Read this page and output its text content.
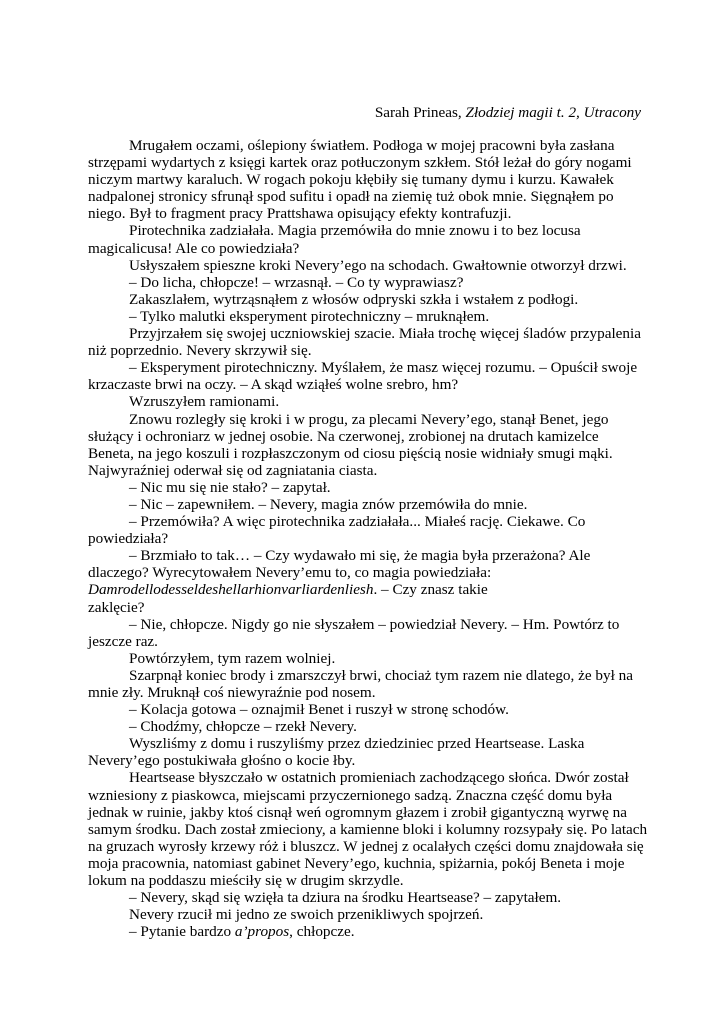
Sarah Prineas, Złodziej magii t. 2, Utracony

Mrugałem oczami, oślepiony światłem. Podłoga w mojej pracowni była zasłana strzępami wydartych z księgi kartek oraz potłuczonym szkłem. Stół leżał do góry nogami niczym martwy karaluch. W rogach pokoju kłębiły się tumany dymu i kurzu. Kawałek nadpalonej stronicy sfrunął spod sufitu i opadł na ziemię tuż obok mnie. Sięgnąłem po niego. Był to fragment pracy Prattshawa opisujący efekty kontrafuzji.

Pirotechnika zadziałała. Magia przemówiła do mnie znowu i to bez locusa magicalicusa! Ale co powiedziała?

Usłyszałem spieszne kroki Nevery’ego na schodach. Gwałtownie otworzył drzwi.

– Do licha, chłopcze! – wrzasnął. – Co ty wyprawiasz?

Zakaszlałem, wytrząsnąłem z włosów odpryski szkła i wstałem z podłogi.

– Tylko malutki eksperyment pirotechniczny – mruknąłem.

Przyjrzałem się swojej uczniowskiej szacie. Miała trochę więcej śladów przypalenia niż poprzednio. Nevery skrzywił się.

– Eksperyment pirotechniczny. Myślałem, że masz więcej rozumu. – Opuścił swoje krzaczaste brwi na oczy. – A skąd wziąłeś wolne srebro, hm?

Wzruszyłem ramionami.

Znowu rozległy się kroki i w progu, za plecami Nevery’ego, stanął Benet, jego służący i ochroniarz w jednej osobie. Na czerwonej, zrobionej na drutach kamizelce Beneta, na jego koszuli i rozpłaszczonym od ciosu pięścią nosie widniały smugi mąki. Najwyraźniej oderwał się od zagniatania ciasta.

– Nic mu się nie stało? – zapytał.

– Nic – zapewniłem. – Nevery, magia znów przemówiła do mnie.

– Przemówiła? A więc pirotechnika zadziałała... Miałeś rację. Ciekawe. Co powiedziała?

– Brzmiało to tak… – Czy wydawało mi się, że magia była przerażona? Ale dlaczego? Wyrecytowałem Nevery’emu to, co magia powiedziała:

Damrodellodesseldeshellarhionvarliardenliesh. – Czy znasz takie

zaklęcie?

– Nie, chłopcze. Nigdy go nie słyszałem – powiedział Nevery. – Hm. Powtórz to jeszcze raz.

Powtórzyłem, tym razem wolniej.

Szarpnął koniec brody i zmarszczył brwi, chociaż tym razem nie dlatego, że był na mnie zły. Mruknął coś niewyraźnie pod nosem.

– Kolacja gotowa – oznajmił Benet i ruszył w stronę schodów.

– Chodźmy, chłopcze – rzekł Nevery.

Wyszliśmy z domu i ruszyliśmy przez dziedziniec przed Heartsease. Laska Nevery’ego postukiwała głośno o kocie łby.

Heartsease błyszczało w ostatnich promieniach zachodzącego słońca. Dwór został wzniesiony z piaskowca, miejscami przyczernionego sadzą. Znaczna część domu była jednak w ruinie, jakby ktoś cisnął weń ogromnym głazem i zrobił gigantyczną wyrwę na samym środku. Dach został zmieciony, a kamienne bloki i kolumny rozsypały się. Po latach na gruzach wyrosły krzewy róż i bluszcz. W jednej z ocalałych części domu znajdowała się moja pracownia, natomiast gabinet Nevery’ego, kuchnia, spiżarnia, pokój Beneta i moje lokum na poddaszu mieściły się w drugim skrzydle.

– Nevery, skąd się wzięła ta dziura na środku Heartsease? – zapytałem.

Nevery rzucił mi jedno ze swoich przenikliwych spojrzeń.

– Pytanie bardzo a’propos, chłopcze.
